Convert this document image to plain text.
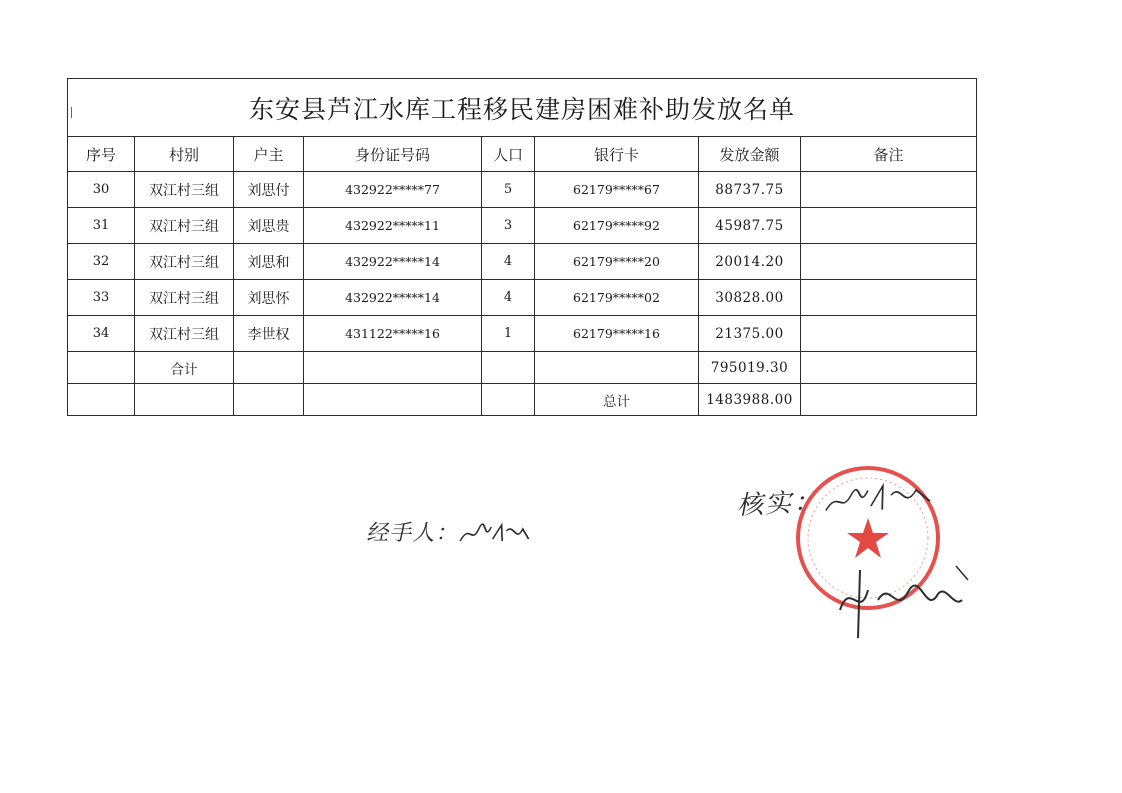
东安县芦江水库工程移民建房困难补助发放名单							
序号	村别	户主	身份证号码	人口	银行卡	发放金额	备注
30	双江村三组	刘思付	432922*****77	5	62179*****67	88737.75	
31	双江村三组	刘思贵	432922*****11	3	62179*****92	45987.75	
32	双江村三组	刘思和	432922*****14	4	62179*****20	20014.20	
33	双江村三组	刘思怀	432922*****14	4	62179*****02	30828.00	
34	双江村三组	李世权	431122*****16	1	62179*****16	21375.00	
	合计					795019.30	
					总计	1483988.00	
经手人：
核实：
